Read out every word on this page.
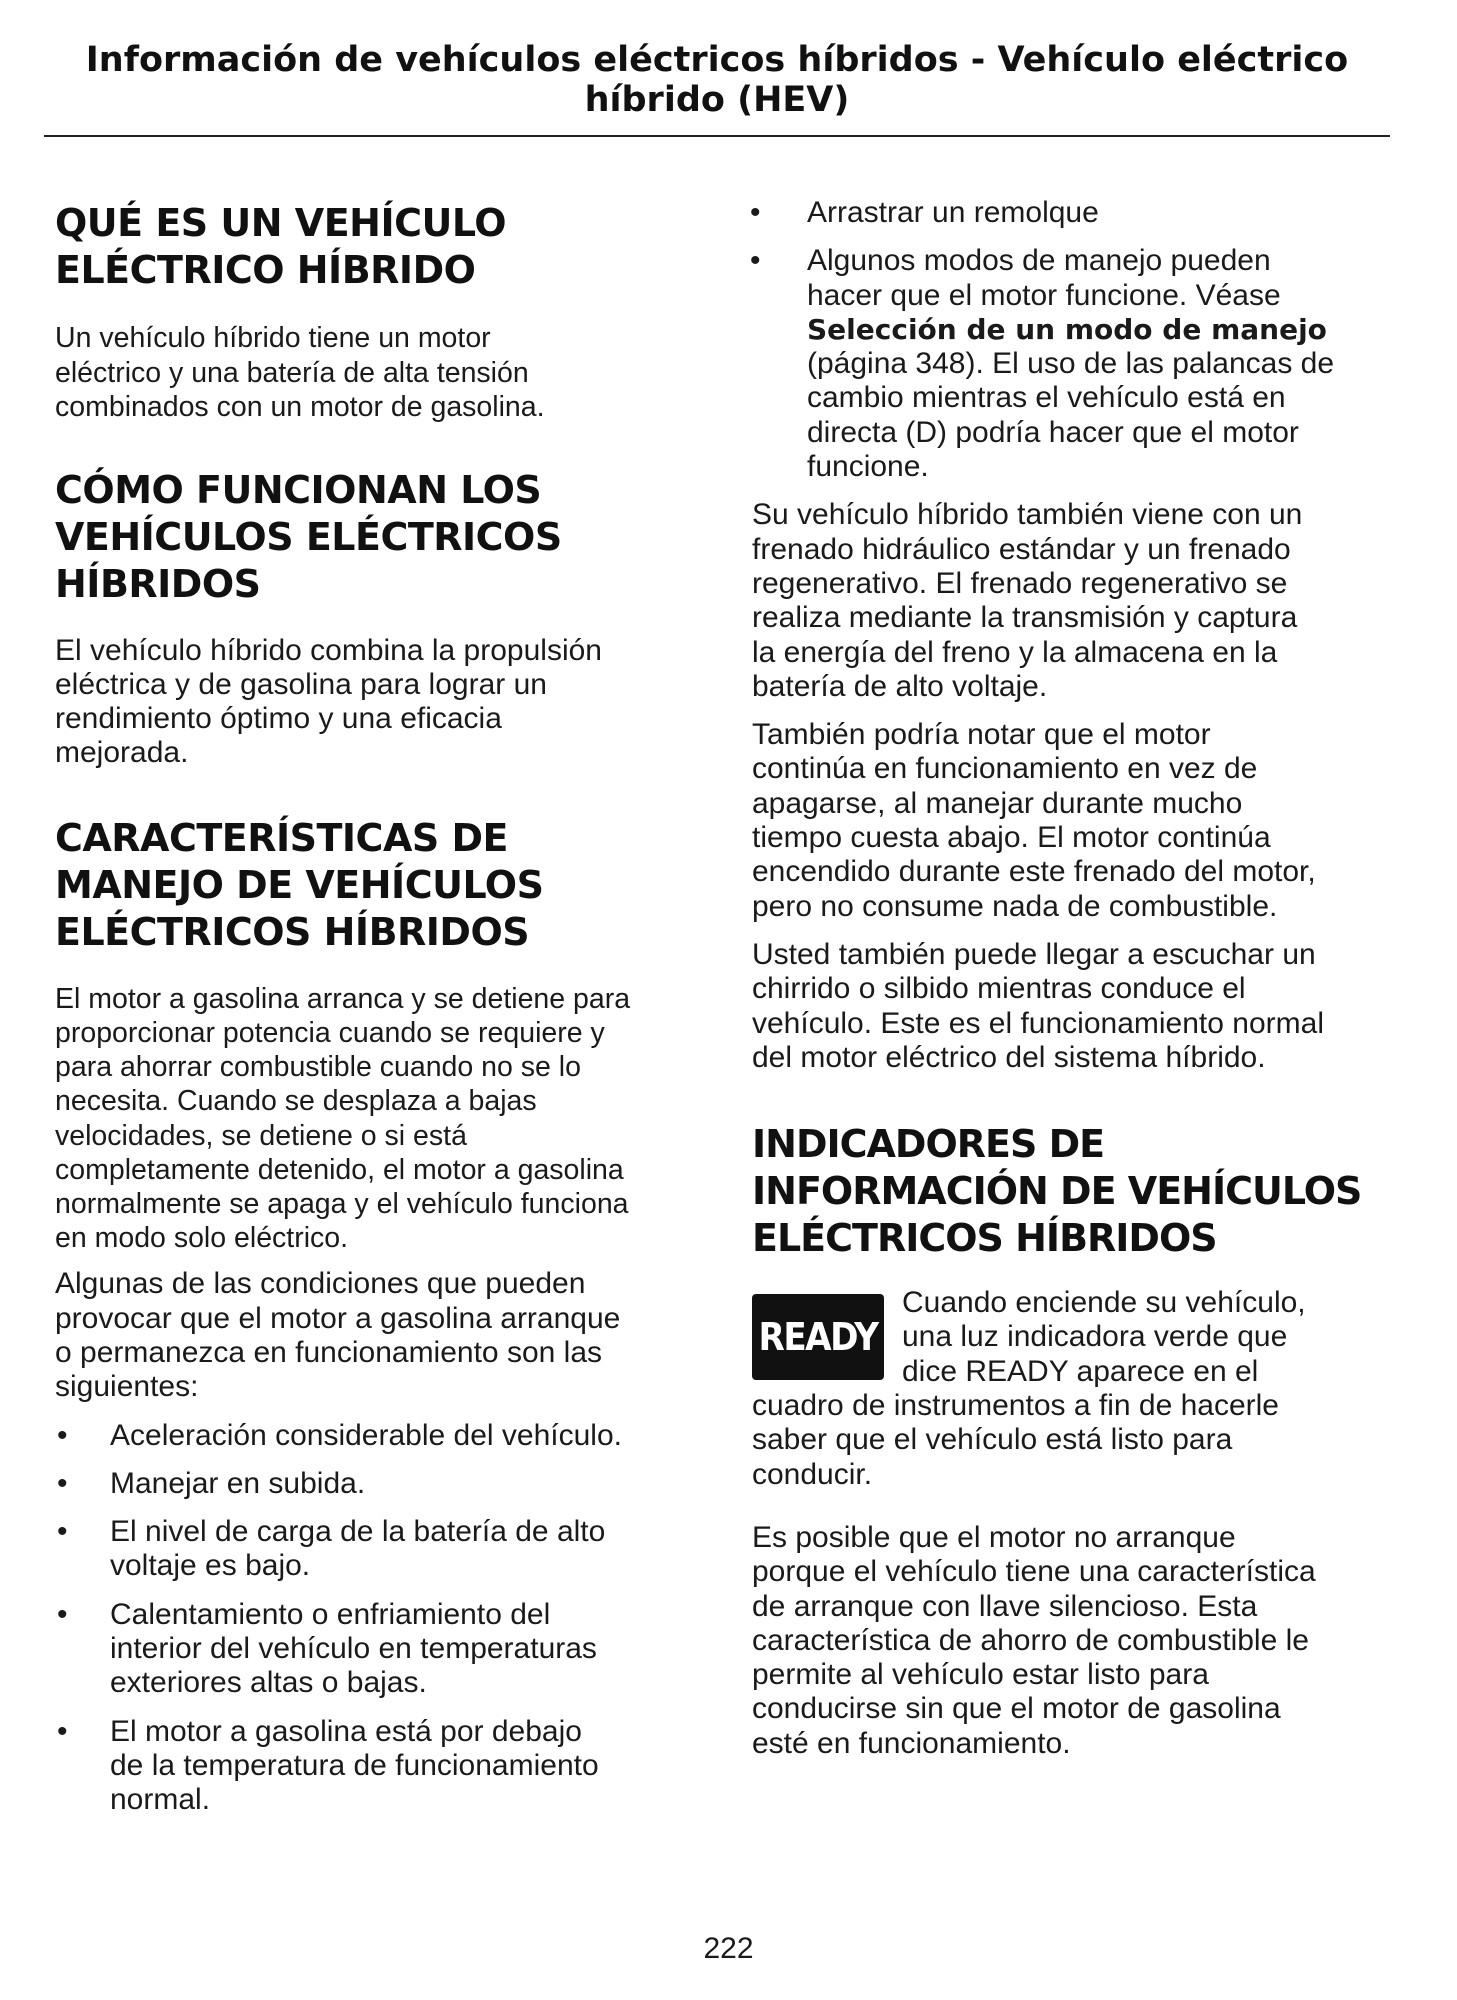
Información de vehículos eléctricos híbridos - Vehículo eléctrico
híbrido (HEV)
QUÉ ES UN VEHÍCULO
ELÉCTRICO HÍBRIDO

Un vehículo híbrido tiene un motor
eléctrico y una batería de alta tensión
combinados con un motor de gasolina.

CÓMO FUNCIONAN LOS
VEHÍCULOS ELÉCTRICOS
HÍBRIDOS

El vehículo híbrido combina la propulsión
eléctrica y de gasolina para lograr un
rendimiento óptimo y una eficacia
mejorada.

CARACTERÍSTICAS DE
MANEJO DE VEHÍCULOS
ELÉCTRICOS HÍBRIDOS

El motor a gasolina arranca y se detiene para
proporcionar potencia cuando se requiere y
para ahorrar combustible cuando no se lo
necesita. Cuando se desplaza a bajas
velocidades, se detiene o si está
completamente detenido, el motor a gasolina
normalmente se apaga y el vehículo funciona
en modo solo eléctrico.

Algunas de las condiciones que pueden
provocar que el motor a gasolina arranque
o permanezca en funcionamiento son las
siguientes:

• Aceleración considerable del vehículo.
• Manejar en subida.
• El nivel de carga de la batería de alto
voltaje es bajo.
• Calentamiento o enfriamiento del
interior del vehículo en temperaturas
exteriores altas o bajas.
• El motor a gasolina está por debajo
de la temperatura de funcionamiento
normal.
• Arrastrar un remolque
• Algunos modos de manejo pueden
hacer que el motor funcione. Véase
Selección de un modo de manejo
(página 348). El uso de las palancas de
cambio mientras el vehículo está en
directa (D) podría hacer que el motor
funcione.

Su vehículo híbrido también viene con un
frenado hidráulico estándar y un frenado
regenerativo. El frenado regenerativo se
realiza mediante la transmisión y captura
la energía del freno y la almacena en la
batería de alto voltaje.

También podría notar que el motor
continúa en funcionamiento en vez de
apagarse, al manejar durante mucho
tiempo cuesta abajo. El motor continúa
encendido durante este frenado del motor,
pero no consume nada de combustible.

Usted también puede llegar a escuchar un
chirrido o silbido mientras conduce el
vehículo. Este es el funcionamiento normal
del motor eléctrico del sistema híbrido.

INDICADORES DE
INFORMACIÓN DE VEHÍCULOS
ELÉCTRICOS HÍBRIDOS
READY

Cuando enciende su vehículo,
una luz indicadora verde que
dice READY aparece en el
cuadro de instrumentos a fin de hacerle
saber que el vehículo está listo para
conducir.

Es posible que el motor no arranque
porque el vehículo tiene una característica
de arranque con llave silencioso. Esta
característica de ahorro de combustible le
permite al vehículo estar listo para
conducirse sin que el motor de gasolina
esté en funcionamiento.

222
